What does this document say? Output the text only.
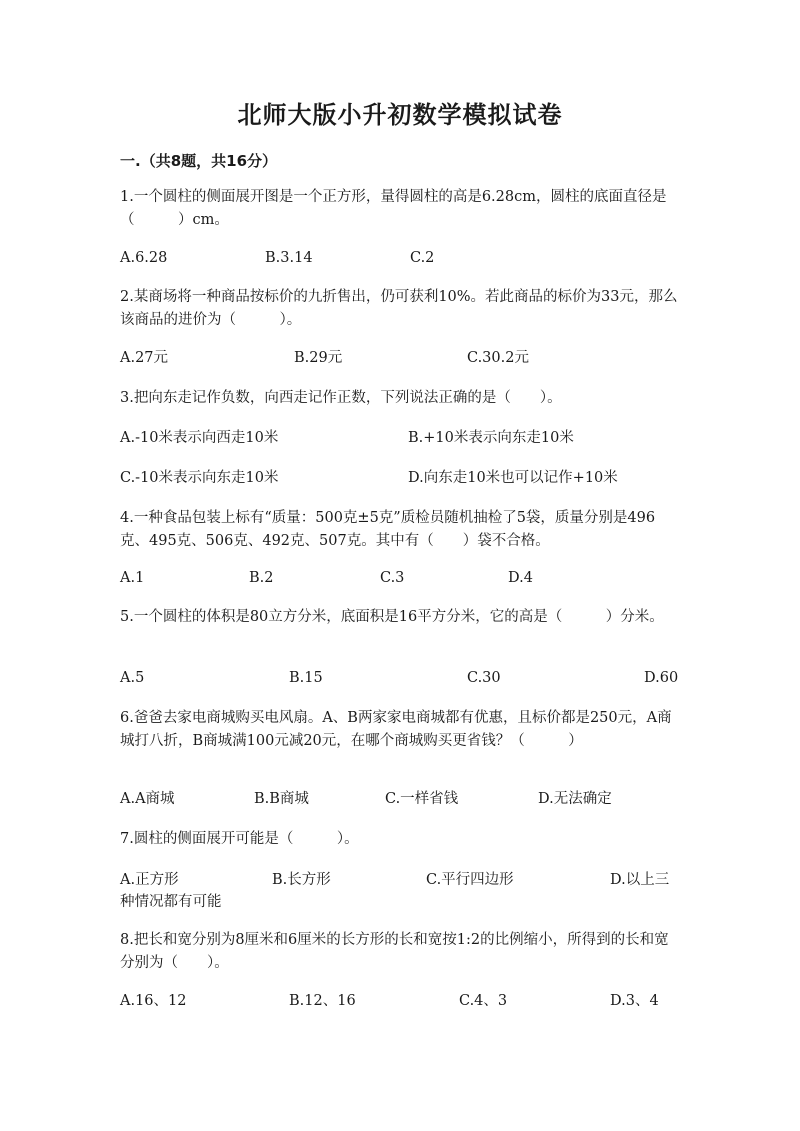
北师大版小升初数学模拟试卷
一.（共8题，共16分）
1.一个圆柱的侧面展开图是一个正方形，量得圆柱的高是6.28cm，圆柱的底面直径是（　　　）cm。
A.6.28	B.3.14	C.2
2.某商场将一种商品按标价的九折售出，仍可获利10%。若此商品的标价为33元，那么该商品的进价为（　　　）。
A.27元	B.29元	C.30.2元
3.把向东走记作负数，向西走记作正数，下列说法正确的是（　　）。
A.-10米表示向西走10米	B.+10米表示向东走10米
C.-10米表示向东走10米	D.向东走10米也可以记作+10米
4.一种食品包装上标有“质量：500克±5克”质检员随机抽检了5袋，质量分别是496克、495克、506克、492克、507克。其中有（　　）袋不合格。
A.1	B.2	C.3	D.4
5.一个圆柱的体积是80立方分米，底面积是16平方分米，它的高是（　　　）分米。
A.5	B.15	C.30	D.60
6.爸爸去家电商城购买电风扇。A、B两家家电商城都有优惠，且标价都是250元，A商城打八折，B商城满100元减20元，在哪个商城购买更省钱？（　　　）
A.A商城	B.B商城	C.一样省钱	D.无法确定
7.圆柱的侧面展开可能是（　　　）。
A.正方形	B.长方形	C.平行四边形	D.以上三种情况都有可能
8.把长和宽分别为8厘米和6厘米的长方形的长和宽按1:2的比例缩小，所得到的长和宽分别为（　　）。
A.16、12	B.12、16	C.4、3	D.3、4
